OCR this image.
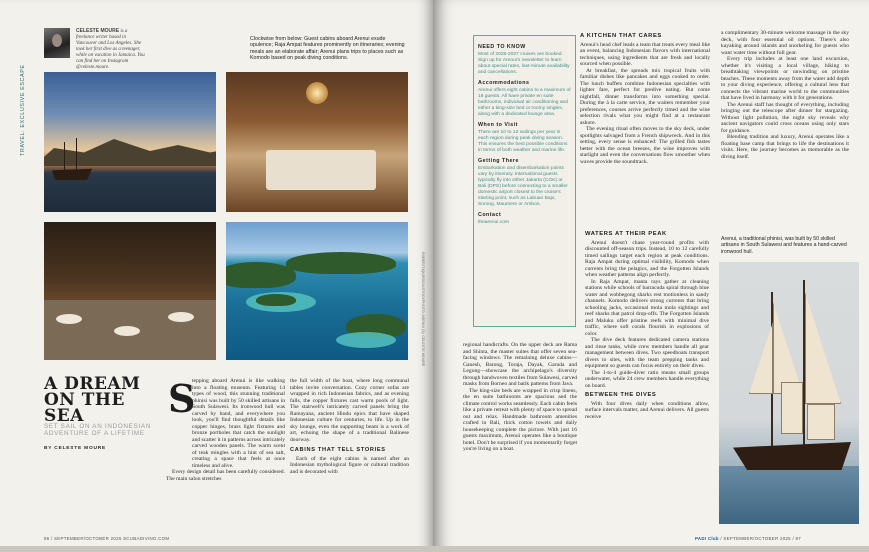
TRAVEL: EXCLUSIVE ESCAPE
CELESTE MOURE is a freelance writer based in Vancouver and Los Angeles. She took her first dive as a teenager, while on vacation in Jamaica. You can find her on Instagram @celeste.moure.
Clockwise from below: Guest cabins aboard Arenui exude opulence; Raja Ampat features prominently on itineraries; evening meals are an elaborate affair; Arenui plans trips to places such as Komodo based on peak diving conditions.
ROBERTOQUIROGA/STOCKPHOTO; ARENUI (3); CELESTE MOURE
A DREAM ON THE SEA
SET SAIL ON AN INDONESIAN ADVENTURE OF A LIFETIME
BY CELESTE MOURE
S
tepping aboard Arenui is like walking into a floating museum. Featuring 14 types of wood, this stunning traditional phinisi was built by 50 skilled artisans in South Sulawesi. Its ironwood hull was carved by hand, and everywhere you look, you'll find thoughtful details like copper hinges, brass light fixtures and bronze portholes that catch the sunlight and scatter it in patterns across intricately carved wooden panels. The warm scent of teak mingles with a hint of sea salt, creating a space that feels at once timeless and alive.
Every design detail has been carefully considered. The main salon stretches
the full width of the boat, where long communal tables invite conversation. Cozy corner sofas are wrapped in rich Indonesian fabrics, and as evening falls, the copper fixtures cast warm pools of light. The stairwell's intricately carved panels bring the Ramayana, ancient Hindu epics that have shaped Indonesian culture for centuries, to life. Up in the sky lounge, even the supporting beam is a work of art, echoing the shape of a traditional Balinese doorway.
CABINS THAT TELL STORIES
Each of the eight cabins is named after an Indonesian mythological figure or cultural tradition and is decorated with
86 / SEPTEMBER/OCTOBER 2025 SCUBADIVING.COM
NEED TO KNOW
Most of 2025-2027 cruises are booked. Sign up for Arenui's newsletter to learn about special rates, last-minute availability and cancellations.
Accommodations
Arenui offers eight cabins to a maximum of 16 guests. All have private en suite bathrooms, individual air conditioning and either a king-size bed or roomy singles, along with a dedicated lounge area.
When to Visit
There are 10 to 12 sailings per year in each region during peak diving season. This ensures the best possible conditions in terms of both weather and marine life.
Getting There
Embarkation and disembarkation points vary by itinerary. International guests typically fly into either Jakarta (CGK) or Bali (DPS) before connecting to a smaller domestic airport closest to the cruise's starting point, such as Labuan Bajo, Sorong, Maumere or Ambon.
Contact
thearenui.com
regional handicrafts. On the upper deck are Rama and Shinta, the master suites that offer seven sea-facing windows. The remaining deluxe cabins—Ganesh, Barong, Toraja, Dayak, Garuda and Legong—showcase the archipelago's diversity through handwoven textiles from Sulawesi, carved masks from Borneo and batik patterns from Java.
The king-size beds are wrapped in crisp linens, the en suite bathrooms are spacious and the climate control works seamlessly. Each cabin feels like a private retreat with plenty of space to spread out and relax. Handmade bathroom amenities crafted in Bali, thick cotton towels and daily housekeeping complete the picture. With just 16 guests maximum, Arenui operates like a boutique hotel. Don't be surprised if you momentarily forget you're living on a boat.
A KITCHEN THAT CARES
Arenui's head chef leads a team that treats every meal like an event, balancing Indonesian flavors with international techniques, using ingredients that are fresh and locally sourced when possible.
At breakfast, the spreads mix tropical fruits with familiar dishes like pancakes and eggs cooked to order. The lunch buffets combine Indonesian specialties with lighter fare, perfect for predive eating. But come nightfall, dinner transforms into something special. During the à la carte service, the waiters remember your preferences, courses arrive perfectly timed and the wine selection rivals what you might find at a restaurant ashore.
The evening ritual often moves to the sky deck, under spotlights salvaged from a French shipwreck. And in this setting, every sense is enhanced: The grilled fish tastes better with the ocean breezes, the wine improves with starlight and even the conversations flow smoother when waves provide the soundtrack.
WATERS AT THEIR PEAK
Arenui doesn't chase year-round profits with discounted off-season trips. Instead, 10 to 12 carefully timed sailings target each region at peak conditions. Raja Ampat during optimal visibility, Komodo when currents bring the pelagics, and the Forgotten Islands when weather patterns align perfectly.
In Raja Ampat, manta rays gather at cleaning stations while schools of barracuda spiral through blue water and wobbegong sharks rest motionless in sandy channels. Komodo delivers strong currents that bring schooling jacks, occasional mola mola sightings and reef sharks that patrol drop-offs. The Forgotten Islands and Maluku offer pristine reefs with minimal dive traffic, where soft corals flourish in explosions of color.
The dive deck features dedicated camera stations and rinse tanks, while crew members handle all gear management between dives. Two speedboats transport divers to sites, with the team prepping tanks and equipment so guests can focus entirely on their dives.
The 1-to-4 guide-diver ratio means small groups underwater, while 24 crew members handle everything on board.
BETWEEN THE DIVES
With four dives daily when conditions allow, surface intervals matter, and Arenui delivers. All guests receive
a complimentary 30-minute welcome massage in the sky deck, with four essential oil options. There's also kayaking around islands and snorkeling for guests who want water time without full gear.
Every trip includes at least one land excursion, whether it's visiting a local village, hiking to breathtaking viewpoints or unwinding on pristine beaches. These moments away from the water add depth to your diving experience, offering a cultural lens that connects the vibrant marine world to the communities that have lived in harmony with it for generations.
The Arenui staff has thought of everything, including bringing out the telescope after dinner for stargazing. Without light pollution, the night sky reveals why ancient navigators could cross oceans using only stars for guidance.
Blending tradition and luxury, Arenui operates like a floating base camp that brings to life the destinations it visits. Here, the journey becomes as memorable as the diving itself.
Arenui, a traditional phinisi, was built by 50 skilled artisans in South Sulawesi and features a hand-carved ironwood hull.
PADI Club / SEPTEMBER/OCTOBER 2025 / 87
